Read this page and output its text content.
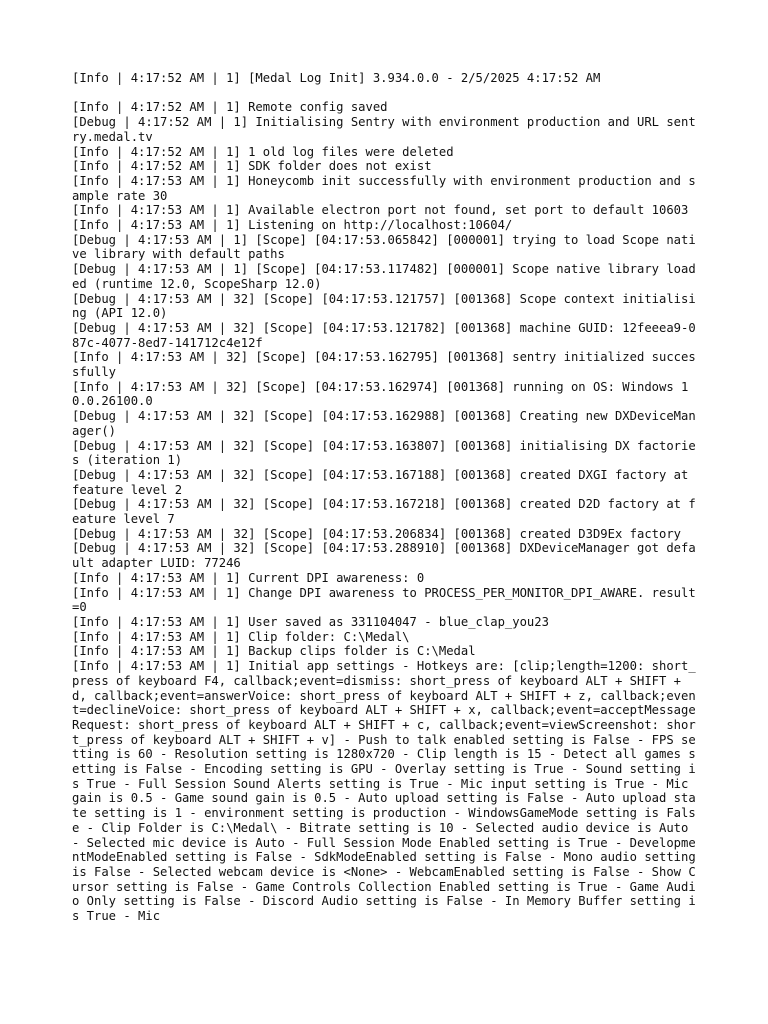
[Info | 4:17:52 AM | 1] [Medal Log Init] 3.934.0.0 - 2/5/2025 4:17:52 AM
[Info | 4:17:52 AM | 1] Remote config saved
[Debug | 4:17:52 AM | 1] Initialising Sentry with environment production and URL sentry.medal.tv
[Info | 4:17:52 AM | 1] 1 old log files were deleted
[Info | 4:17:52 AM | 1] SDK folder does not exist
[Info | 4:17:53 AM | 1] Honeycomb init successfully with environment production and sample rate 30
[Info | 4:17:53 AM | 1] Available electron port not found, set port to default 10603
[Info | 4:17:53 AM | 1] Listening on http://localhost:10604/
[Debug | 4:17:53 AM | 1] [Scope] [04:17:53.065842] [000001] trying to load Scope native library with default paths
[Debug | 4:17:53 AM | 1] [Scope] [04:17:53.117482] [000001] Scope native library loaded (runtime 12.0, ScopeSharp 12.0)
[Debug | 4:17:53 AM | 32] [Scope] [04:17:53.121757] [001368] Scope context initialising (API 12.0)
[Debug | 4:17:53 AM | 32] [Scope] [04:17:53.121782] [001368] machine GUID: 12feeea9-087c-4077-8ed7-141712c4e12f
[Info | 4:17:53 AM | 32] [Scope] [04:17:53.162795] [001368] sentry initialized successfully
[Info | 4:17:53 AM | 32] [Scope] [04:17:53.162974] [001368] running on OS: Windows 10.0.26100.0
[Debug | 4:17:53 AM | 32] [Scope] [04:17:53.162988] [001368] Creating new DXDeviceManager()
[Debug | 4:17:53 AM | 32] [Scope] [04:17:53.163807] [001368] initialising DX factories (iteration 1)
[Debug | 4:17:53 AM | 32] [Scope] [04:17:53.167188] [001368] created DXGI factory at feature level 2
[Debug | 4:17:53 AM | 32] [Scope] [04:17:53.167218] [001368] created D2D factory at feature level 7
[Debug | 4:17:53 AM | 32] [Scope] [04:17:53.206834] [001368] created D3D9Ex factory
[Debug | 4:17:53 AM | 32] [Scope] [04:17:53.288910] [001368] DXDeviceManager got default adapter LUID: 77246
[Info | 4:17:53 AM | 1] Current DPI awareness: 0
[Info | 4:17:53 AM | 1] Change DPI awareness to PROCESS_PER_MONITOR_DPI_AWARE. result=0
[Info | 4:17:53 AM | 1] User saved as 331104047 - blue_clap_you23
[Info | 4:17:53 AM | 1] Clip folder: C:\Medal\
[Info | 4:17:53 AM | 1] Backup clips folder is C:\Medal
[Info | 4:17:53 AM | 1] Initial app settings - Hotkeys are: [clip;length=1200: short_press of keyboard F4, callback;event=dismiss: short_press of keyboard ALT + SHIFT + d, callback;event=answerVoice: short_press of keyboard ALT + SHIFT + z, callback;event=declineVoice: short_press of keyboard ALT + SHIFT + x, callback;event=acceptMessageRequest: short_press of keyboard ALT + SHIFT + c, callback;event=viewScreenshot: short_press of keyboard ALT + SHIFT + v] - Push to talk enabled setting is False - FPS setting is 60 - Resolution setting is 1280x720 - Clip length is 15 - Detect all games setting is False - Encoding setting is GPU - Overlay setting is True - Sound setting is True - Full Session Sound Alerts setting is True - Mic input setting is True - Mic gain is 0.5 - Game sound gain is 0.5 - Auto upload setting is False - Auto upload state setting is 1 - environment setting is production - WindowsGameMode setting is False - Clip Folder is C:\Medal\ - Bitrate setting is 10 - Selected audio device is Auto - Selected mic device is Auto - Full Session Mode Enabled setting is True - DevelopmentModeEnabled setting is False - SdkModeEnabled setting is False - Mono audio setting is False - Selected webcam device is <None> - WebcamEnabled setting is False - Show Cursor setting is False - Game Controls Collection Enabled setting is True - Game Audio Only setting is False - Discord Audio setting is False - In Memory Buffer setting is True - Mic
